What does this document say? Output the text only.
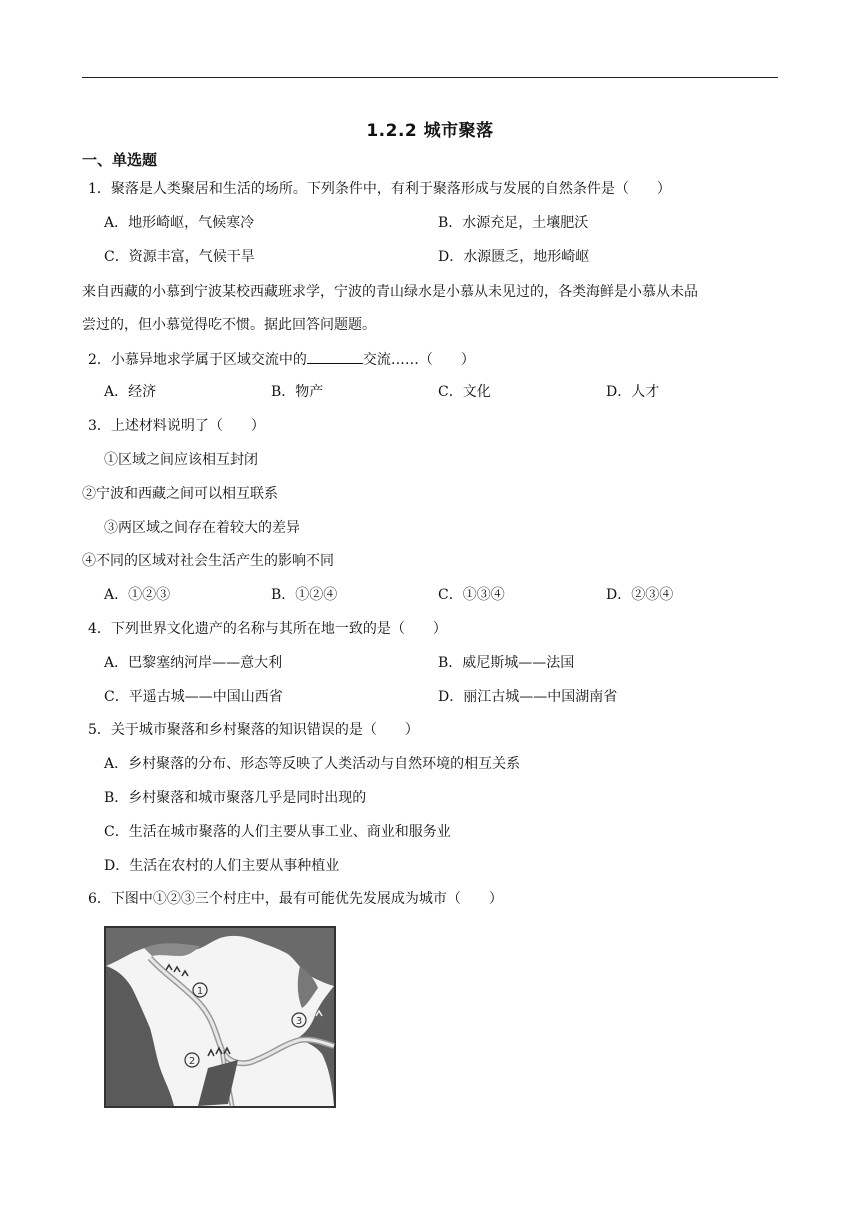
1.2.2 城市聚落
一、单选题
1．聚落是人类聚居和生活的场所。下列条件中，有利于聚落形成与发展的自然条件是（　　）
A．地形崎岖，气候寒冷	B．水源充足，土壤肥沃
C．资源丰富，气候干旱	D．水源匮乏，地形崎岖
来自西藏的小慕到宁波某校西藏班求学，宁波的青山绿水是小慕从未见过的，各类海鲜是小慕从未品
尝过的，但小慕觉得吃不惯。据此回答问题题。
2．小慕异地求学属于区域交流中的	交流……（　　）
A．经济	B．物产	C．文化	D．人才
3．上述材料说明了（　　）
①区域之间应该相互封闭
②宁波和西藏之间可以相互联系
③两区域之间存在着较大的差异
④不同的区域对社会生活产生的影响不同
A．①②③	B．①②④	C．①③④	D．②③④
4．下列世界文化遗产的名称与其所在地一致的是（　　）
A．巴黎塞纳河岸——意大利	B．威尼斯城——法国
C．平遥古城——中国山西省	D．丽江古城——中国湖南省
5．关于城市聚落和乡村聚落的知识错误的是（　　）
A．乡村聚落的分布、形态等反映了人类活动与自然环境的相互关系
B．乡村聚落和城市聚落几乎是同时出现的
C．生活在城市聚落的人们主要从事工业、商业和服务业
D．生活在农村的人们主要从事种植业
6．下图中①②③三个村庄中，最有可能优先发展成为城市（　　）
1
2
3
